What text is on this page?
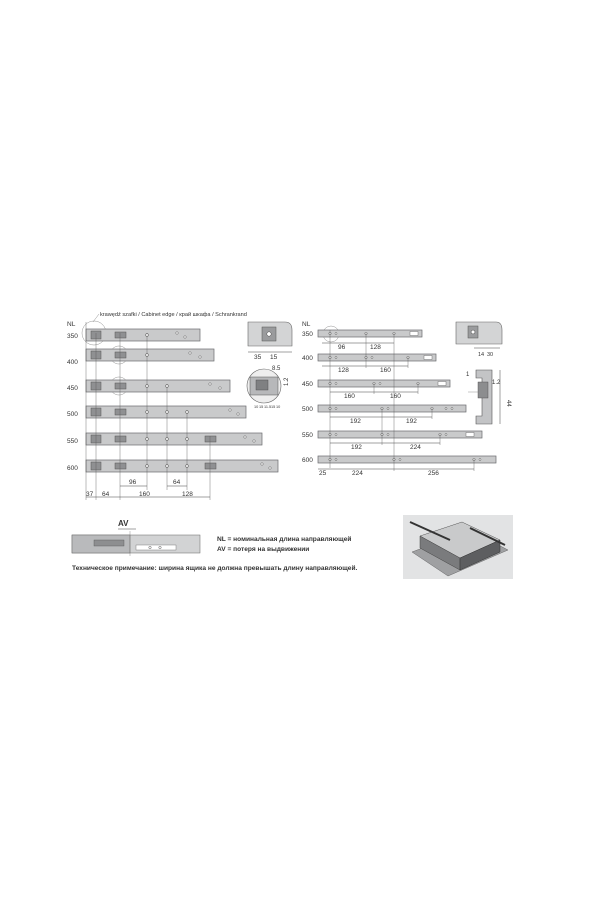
NL
krawędź szafki / Cabinet edge / край шкафа / Schrankrand
350
400
450
500
550
600
37 64
96
160
64
128
35 15
8.5
1.2
10 15 11.5 15 10
NL
350
400
450
500
550
600
96	128
128	160
160	160
192	192
192	224
25	224	256
14 30
1
1.2
44
AV
NL = номинальная длина направляющей
AV = потеря на выдвижении
Техническое примечание: ширина ящика не должна превышать длину направляющей.
